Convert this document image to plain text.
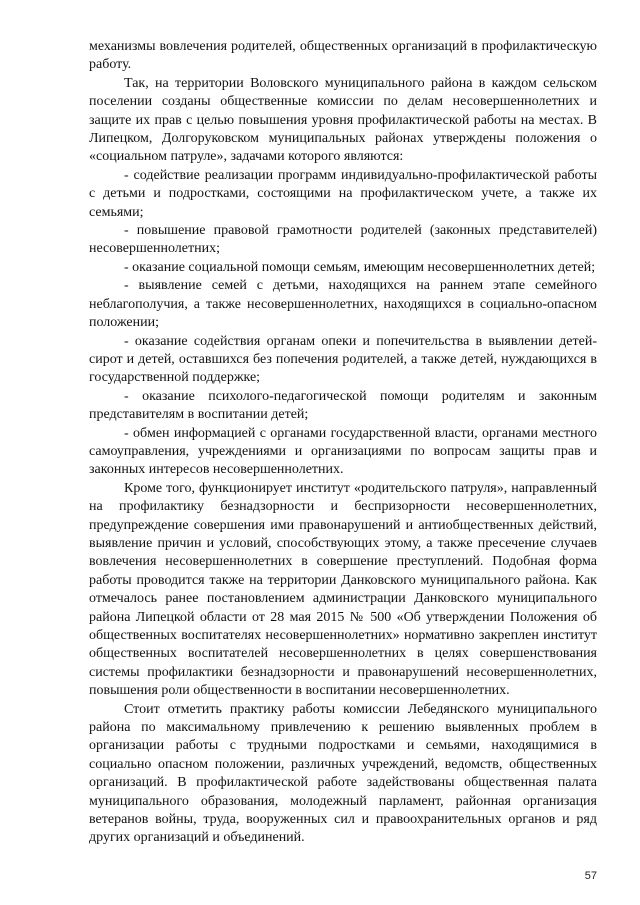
механизмы вовлечения родителей, общественных организаций в профилактическую работу.

Так, на территории Воловского муниципального района в каждом сельском поселении созданы общественные комиссии по делам несовершеннолетних и защите их прав с целью повышения уровня профилактической работы на местах. В Липецком, Долгоруковском муниципальных районах утверждены положения о «социальном патруле», задачами которого являются:

- содействие реализации программ индивидуально-профилактической работы с детьми и подростками, состоящими на профилактическом учете, а также их семьями;

- повышение правовой грамотности родителей (законных представителей) несовершеннолетних;

- оказание социальной помощи семьям, имеющим несовершеннолетних детей;

- выявление семей с детьми, находящихся на раннем этапе семейного неблагополучия, а также несовершеннолетних, находящихся в социально-опасном положении;

- оказание содействия органам опеки и попечительства в выявлении детей-сирот и детей, оставшихся без попечения родителей, а также детей, нуждающихся в государственной поддержке;

- оказание психолого-педагогической помощи родителям и законным представителям в воспитании детей;

- обмен информацией с органами государственной власти, органами местного самоуправления, учреждениями и организациями по вопросам защиты прав и законных интересов несовершеннолетних.

Кроме того, функционирует институт «родительского патруля», направленный на профилактику безнадзорности и беспризорности несовершеннолетних, предупреждение совершения ими правонарушений и антиобщественных действий, выявление причин и условий, способствующих этому, а также пресечение случаев вовлечения несовершеннолетних в совершение преступлений. Подобная форма работы проводится также на территории Данковского муниципального района. Как отмечалось ранее постановлением администрации Данковского муниципального района Липецкой области от 28 мая 2015 № 500 «Об утверждении Положения об общественных воспитателях несовершеннолетних» нормативно закреплен институт общественных воспитателей несовершеннолетних в целях совершенствования системы профилактики безнадзорности и правонарушений несовершеннолетних, повышения роли общественности в воспитании несовершеннолетних.

Стоит отметить практику работы комиссии Лебедянского муниципального района по максимальному привлечению к решению выявленных проблем в организации работы с трудными подростками и семьями, находящимися в социально опасном положении, различных учреждений, ведомств, общественных организаций. В профилактической работе задействованы общественная палата муниципального образования, молодежный парламент, районная организация ветеранов войны, труда, вооруженных сил и правоохранительных органов и ряд других организаций и объединений.

57
